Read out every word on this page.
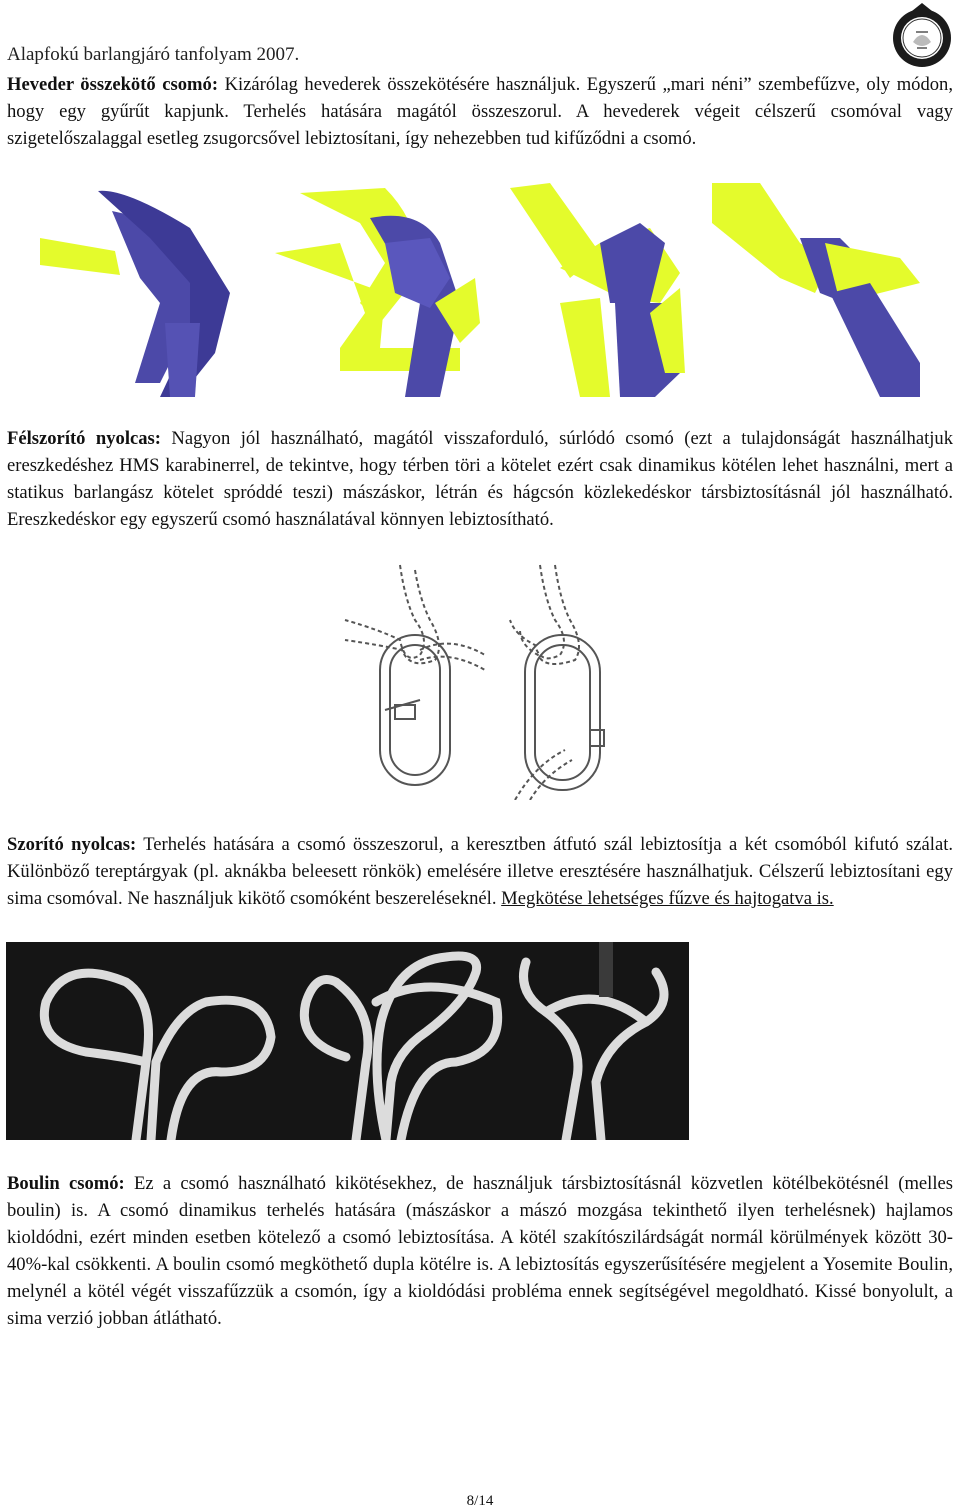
Alapfokú barlangjáró tanfolyam 2007.

Heveder összekötő csomó: Kizárólag hevederek összekötésére használjuk. Egyszerű „mari néni” szembefűzve, oly módon, hogy egy gyűrűt kapjunk. Terhelés hatására magától összeszorul. A hevederek végeit célszerű csomóval vagy szigetelőszalaggal esetleg zsugorcsővel lebiztosítani, így nehezebben tud kifűződni a csomó.

Félszorító nyolcas: Nagyon jól használható, magától visszaforduló, súrlódó csomó (ezt a tulajdonságát használhatjuk ereszkedéshez HMS karabinerrel, de tekintve, hogy térben töri a kötelet ezért csak dinamikus kötélen lehet használni, mert a statikus barlangász kötelet spróddé teszi) mászáskor, létrán és hágcsón közlekedéskor társbiztosításnál jól használható. Ereszkedéskor egy egyszerű csomó használatával könnyen lebiztosítható.

Szorító nyolcas: Terhelés hatására a csomó összeszorul, a keresztben átfutó szál lebiztosítja a két csomóból kifutó szálat. Különböző tereptárgyak (pl. aknákba beleesett rönkök) emelésére illetve eresztésére használhatjuk. Célszerű lebiztosítani egy sima csomóval. Ne használjuk kikötő csomóként beszereléseknél. Megkötése lehetséges fűzve és hajtogatva is.

Boulin csomó: Ez a csomó használható kikötésekhez, de használjuk társbiztosításnál közvetlen kötélbekötésnél (melles boulin) is. A csomó dinamikus terhelés hatására (mászáskor a mászó mozgása tekinthető ilyen terhelésnek) hajlamos kioldódni, ezért minden esetben kötelező a csomó lebiztosítása. A kötél szakítószilárdságát normál körülmények között 30-40%-kal csökkenti. A boulin csomó megköthető dupla kötélre is. A lebiztosítás egyszerűsítésére megjelent a Yosemite Boulin, melynél a kötél végét visszafűzzük a csomón, így a kioldódási probléma ennek segítségével megoldható. Kissé bonyolult, a sima verzió jobban átlátható.

8/14
